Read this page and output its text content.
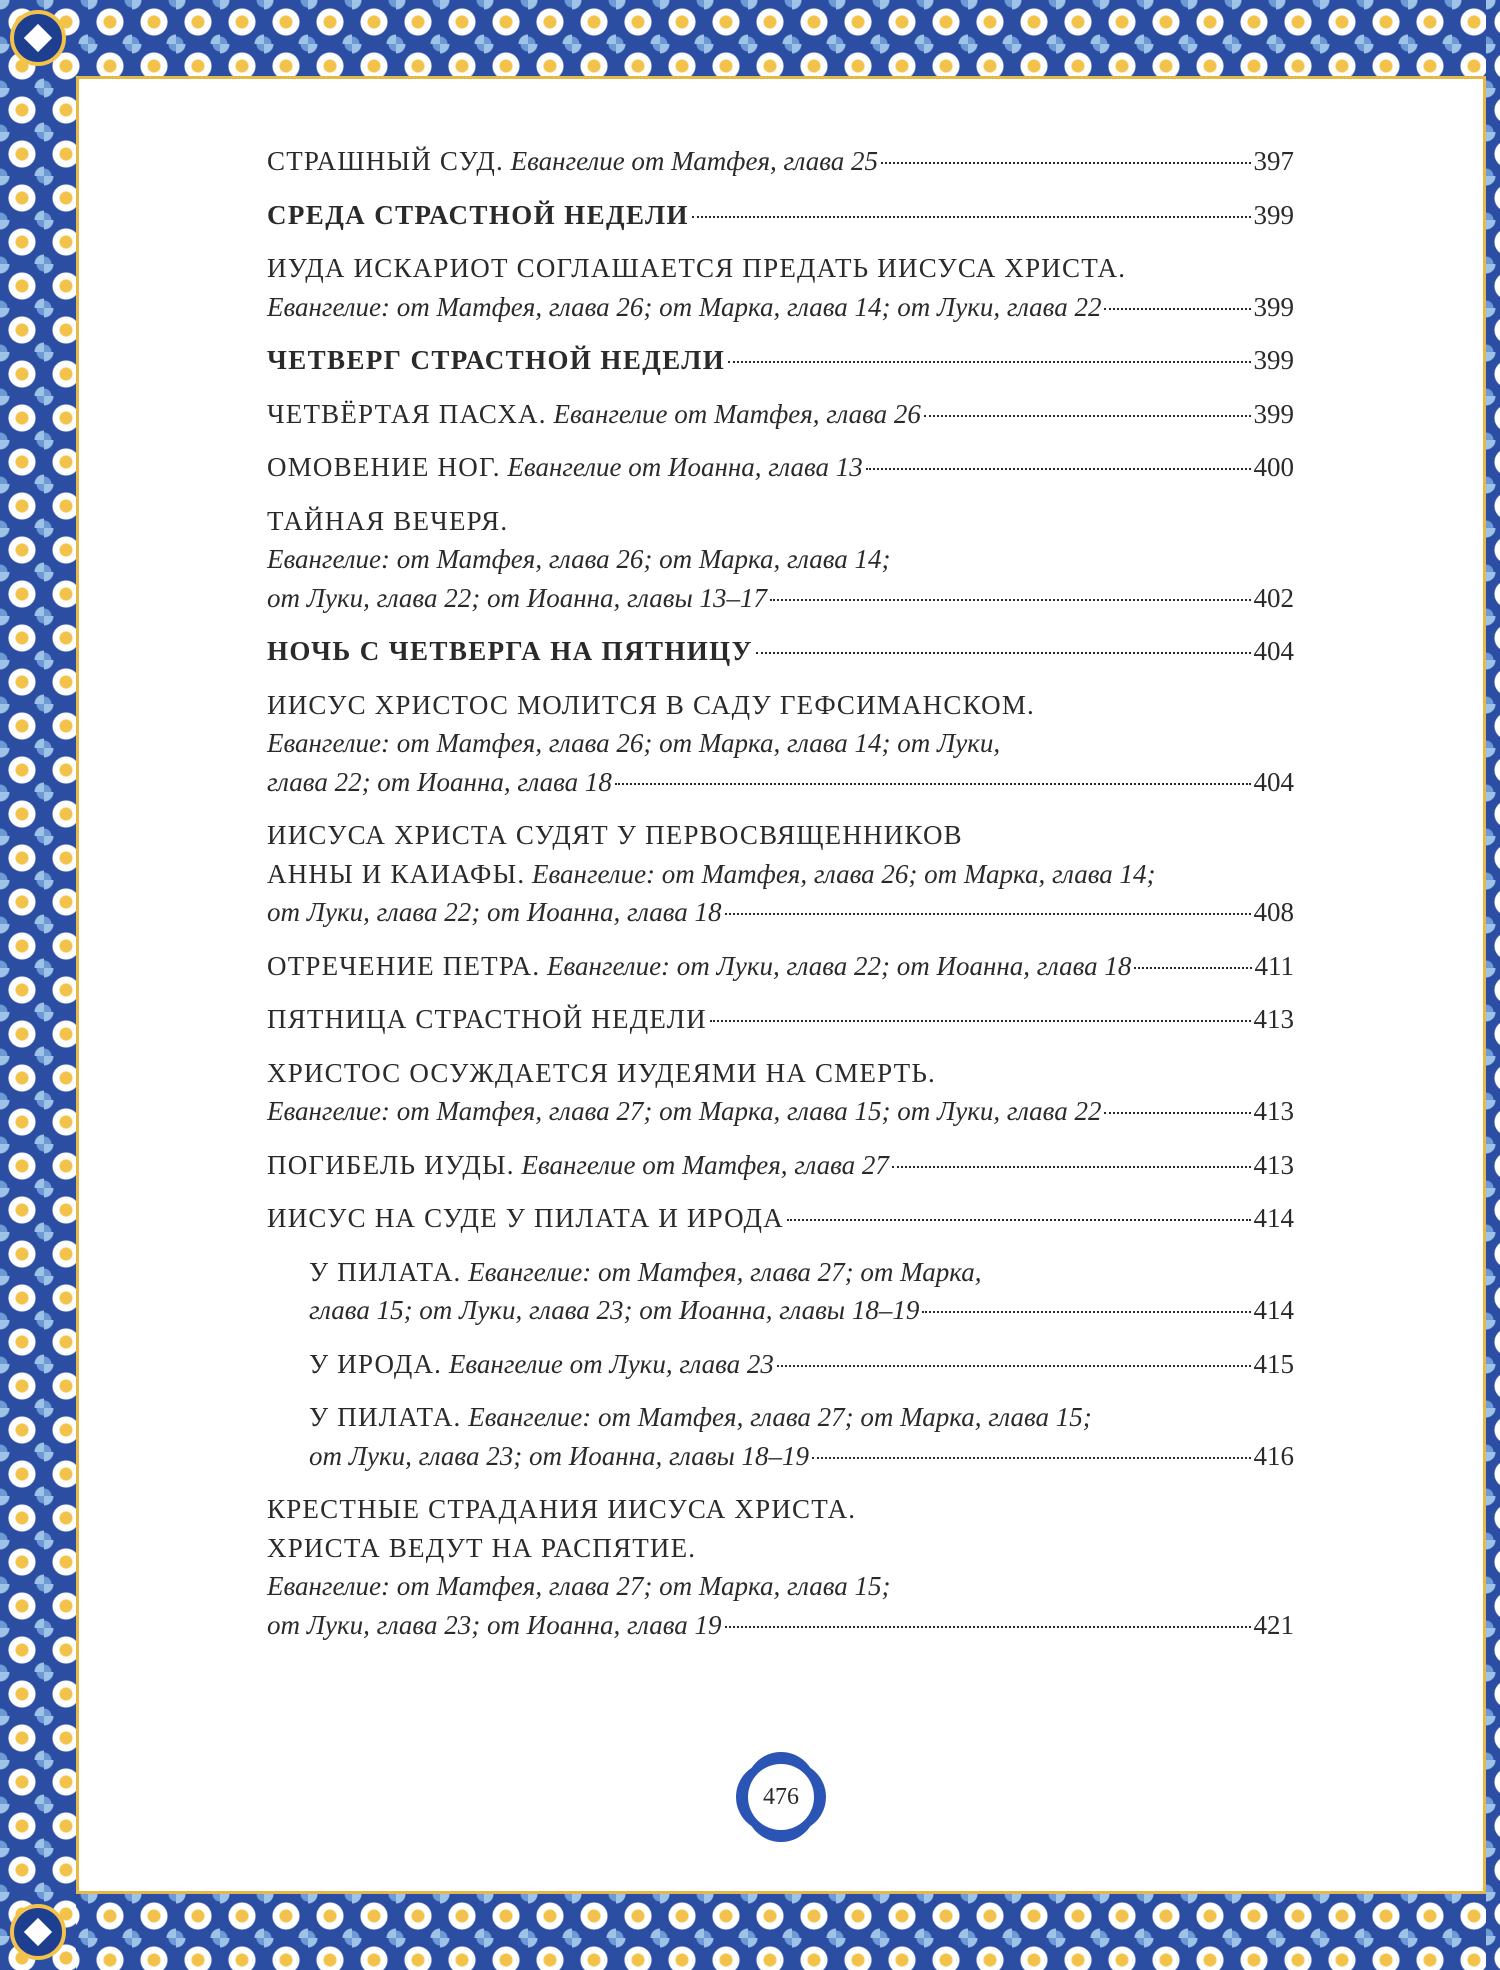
СТРАШНЫЙ СУД. Евангелие от Матфея, глава 25	397
СРЕДА СТРАСТНОЙ НЕДЕЛИ	399
ИУДА ИСКАРИОТ СОГЛАШАЕТСЯ ПРЕДАТЬ ИИСУСА ХРИСТА.
Евангелие: от Матфея, глава 26; от Марка, глава 14; от Луки, глава 22	399
ЧЕТВЕРГ СТРАСТНОЙ НЕДЕЛИ	399
ЧЕТВЁРТАЯ ПАСХА. Евангелие от Матфея, глава 26	399
ОМОВЕНИЕ НОГ. Евангелие от Иоанна, глава 13	400
ТАЙНАЯ ВЕЧЕРЯ.
Евангелие: от Матфея, глава 26; от Марка, глава 14;
от Луки, глава 22; от Иоанна, главы 13–17	402
НОЧЬ С ЧЕТВЕРГА НА ПЯТНИЦУ	404
ИИСУС ХРИСТОС МОЛИТСЯ В САДУ ГЕФСИМАНСКОМ.
Евангелие: от Матфея, глава 26; от Марка, глава 14; от Луки,
глава 22; от Иоанна, глава 18	404
ИИСУСА ХРИСТА СУДЯТ У ПЕРВОСВЯЩЕННИКОВ
АННЫ И КАИАФЫ. Евангелие: от Матфея, глава 26; от Марка, глава 14;
от Луки, глава 22; от Иоанна, глава 18	408
ОТРЕЧЕНИЕ ПЕТРА. Евангелие: от Луки, глава 22; от Иоанна, глава 18	411
ПЯТНИЦА СТРАСТНОЙ НЕДЕЛИ	413
ХРИСТОС ОСУЖДАЕТСЯ ИУДЕЯМИ НА СМЕРТЬ.
Евангелие: от Матфея, глава 27; от Марка, глава 15; от Луки, глава 22	413
ПОГИБЕЛЬ ИУДЫ. Евангелие от Матфея, глава 27	413
ИИСУС НА СУДЕ У ПИЛАТА И ИРОДА	414
У ПИЛАТА. Евангелие: от Матфея, глава 27; от Марка,
глава 15; от Луки, глава 23; от Иоанна, главы 18–19	414
У ИРОДА. Евангелие от Луки, глава 23	415
У ПИЛАТА. Евангелие: от Матфея, глава 27; от Марка, глава 15;
от Луки, глава 23; от Иоанна, главы 18–19	416
КРЕСТНЫЕ СТРАДАНИЯ ИИСУСА ХРИСТА.
ХРИСТА ВЕДУТ НА РАСПЯТИЕ.
Евангелие: от Матфея, глава 27; от Марка, глава 15;
от Луки, глава 23; от Иоанна, глава 19	421
476
